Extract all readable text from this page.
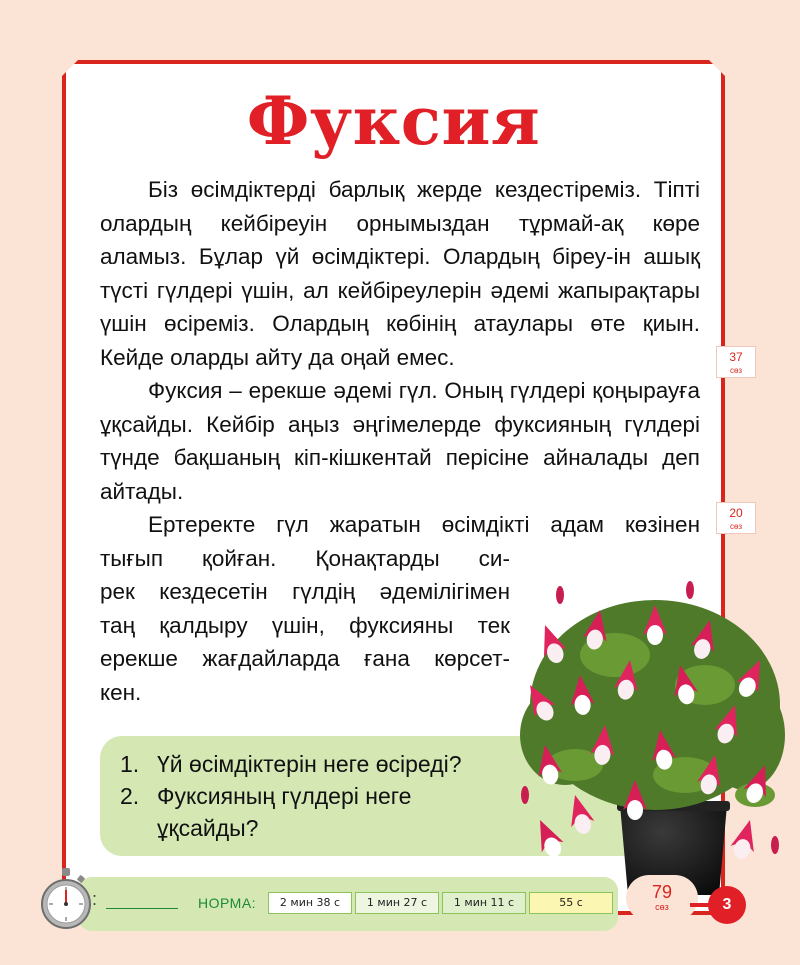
Фуксия

Біз өсімдіктерді барлық жерде кездестіреміз. Тіпті олардың кейбіреуін орнымыздан тұрмай-ақ көре аламыз. Бұлар үй өсімдіктері. Олардың біреу-ін ашық түсті гүлдері үшін, ал кейбіреулерін әдемі жапырақтары үшін өсіреміз. Олардың көбінің атаулары өте қиын. Кейде оларды айту да оңай емес.

Фуксия – ерекше әдемі гүл. Оның гүлдері қоңырауға ұқсайды. Кейбір аңыз әңгімелерде фуксияның гүлдері түнде бақшаның кіп-кішкентай перісіне айналады деп айтады.

Ертеректе гүл жаратын өсімдікті адам көзінен
тығып қойған. Қонақтарды си-
рек кездесетін гүлдің әдемілігімен
таң қалдыру үшін, фуксияны тек
ерекше жағдайларда ғана көрсет-
кен.

37
сөз
20
сөз
1. Үй өсімдіктерін неге өсіреді?
2. Фуксияның гүлдері неге ұқсайды?
:	НОРМА:	2 мин 38 с	1 мин 27 с	1 мин 11 с	55 с
79
сөз	3
